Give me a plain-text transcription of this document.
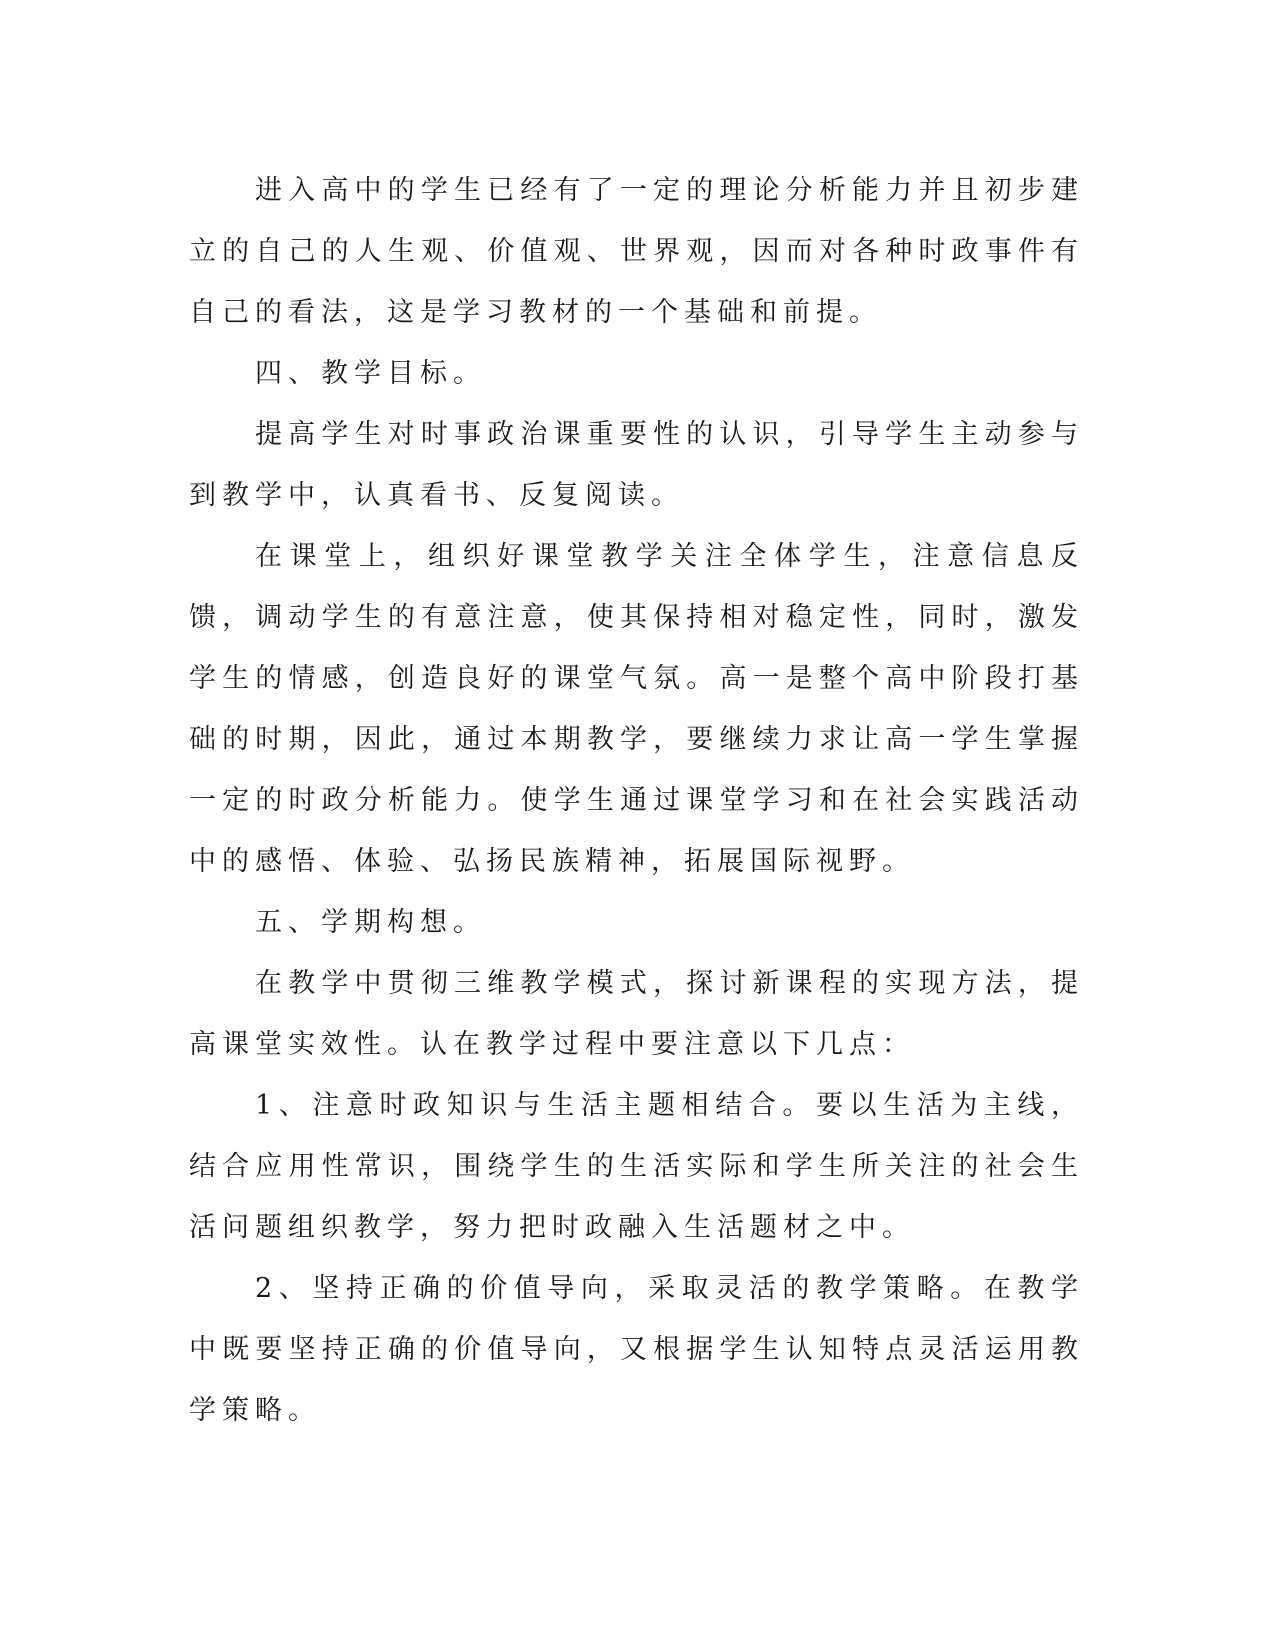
进入高中的学生已经有了一定的理论分析能力并且初步建立的自己的人生观、价值观、世界观，因而对各种时政事件有自己的看法，这是学习教材的一个基础和前提。

四、教学目标。

提高学生对时事政治课重要性的认识，引导学生主动参与到教学中，认真看书、反复阅读。

在课堂上，组织好课堂教学关注全体学生，注意信息反馈，调动学生的有意注意，使其保持相对稳定性，同时，激发学生的情感，创造良好的课堂气氛。高一是整个高中阶段打基础的时期，因此，通过本期教学，要继续力求让高一学生掌握一定的时政分析能力。使学生通过课堂学习和在社会实践活动中的感悟、体验、弘扬民族精神，拓展国际视野。

五、学期构想。

在教学中贯彻三维教学模式，探讨新课程的实现方法，提高课堂实效性。认在教学过程中要注意以下几点：

1、注意时政知识与生活主题相结合。要以生活为主线，结合应用性常识，围绕学生的生活实际和学生所关注的社会生活问题组织教学，努力把时政融入生活题材之中。

2、坚持正确的价值导向，采取灵活的教学策略。在教学中既要坚持正确的价值导向，又根据学生认知特点灵活运用教学策略。
